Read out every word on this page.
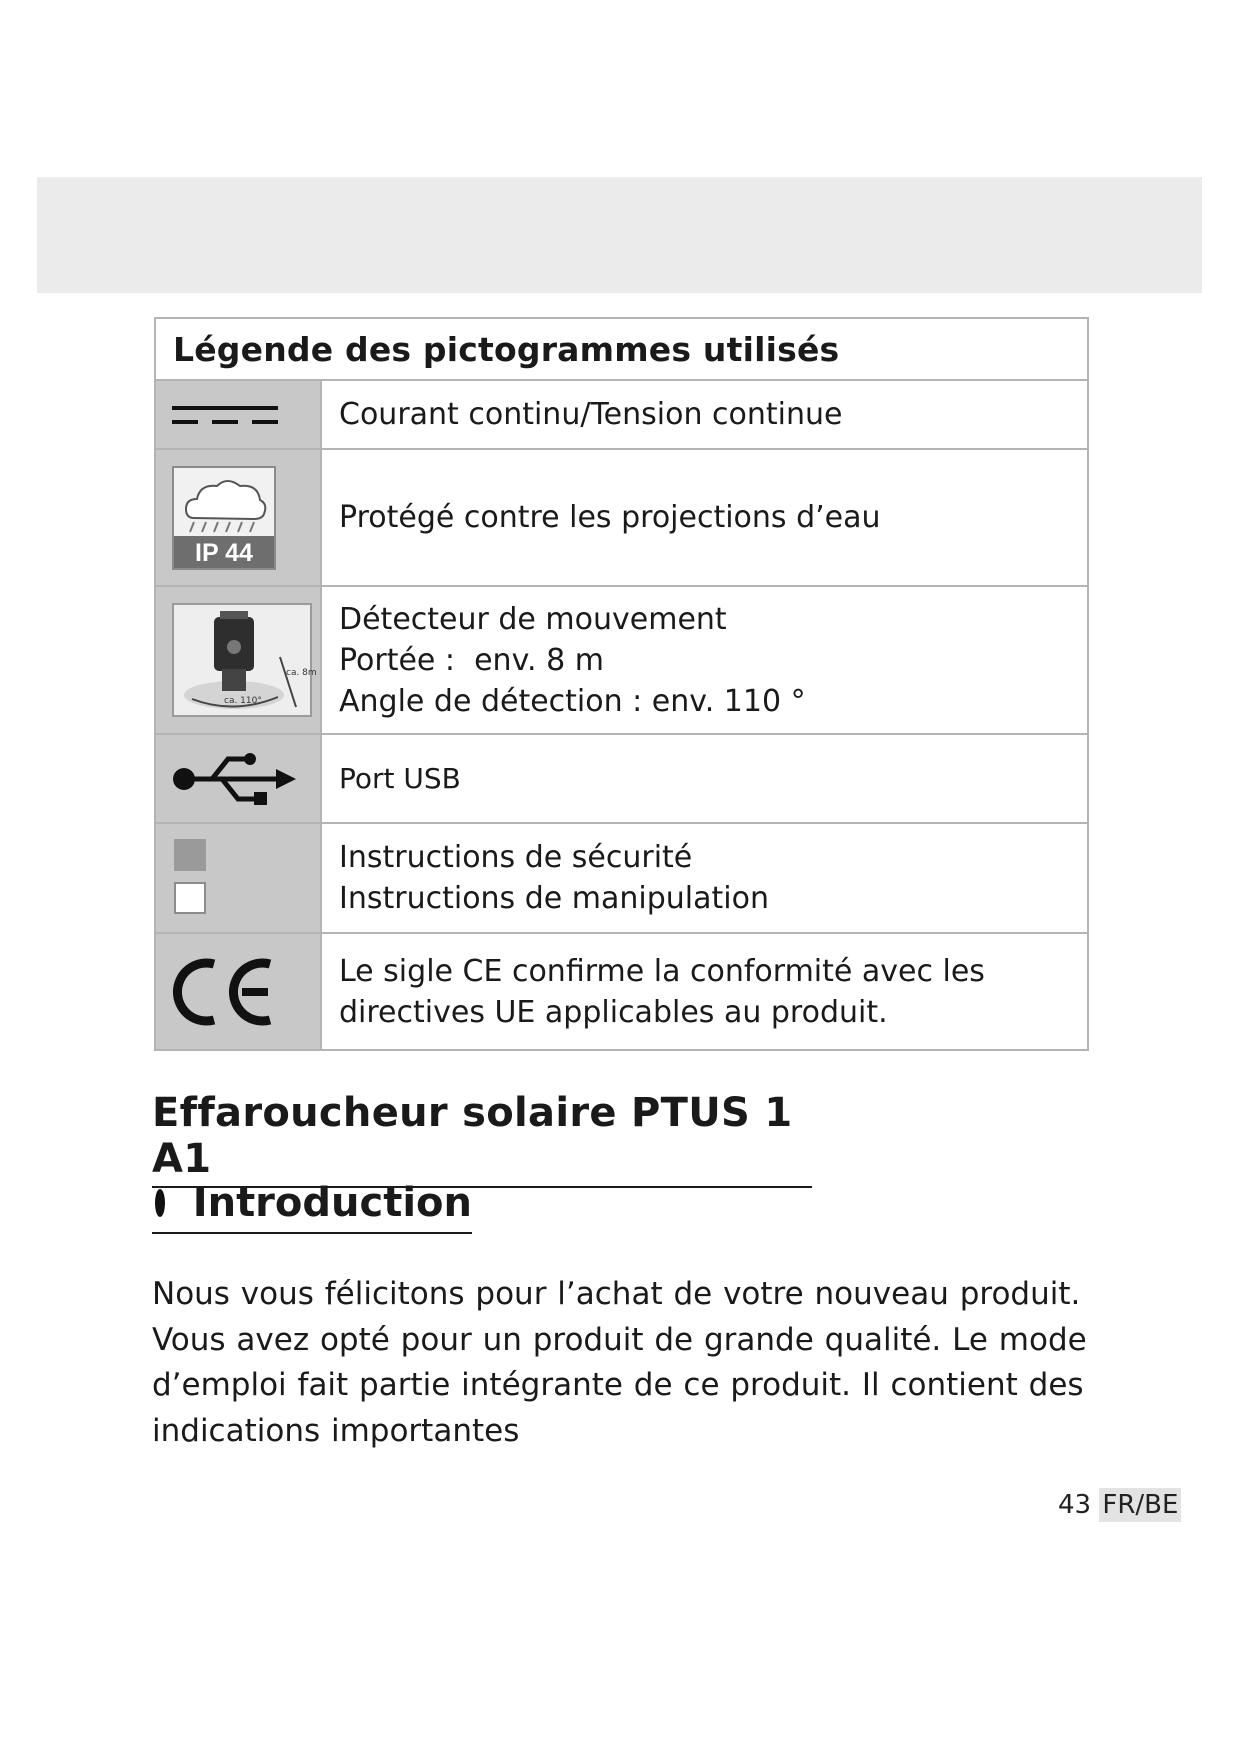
Légende des pictogrammes utilisés
Courant continu/Tension continue
IP 44
Protégé contre les projections d’eau
ca. 110°
ca. 8m
Détecteur de mouvement
Portée :  env. 8 m
Angle de détection : env. 110 °
Port USB
Instructions de sécurité
Instructions de manipulation
Le sigle CE confirme la conformité avec les
directives UE applicables au produit.
Effaroucheur solaire PTUS 1 A1
Introduction
Nous vous félicitons pour l’achat de votre nouveau produit. Vous avez opté pour un produit de grande qualité. Le mode d’emploi fait partie intégrante de ce produit. Il contient des indications importantes
43 FR/BE
